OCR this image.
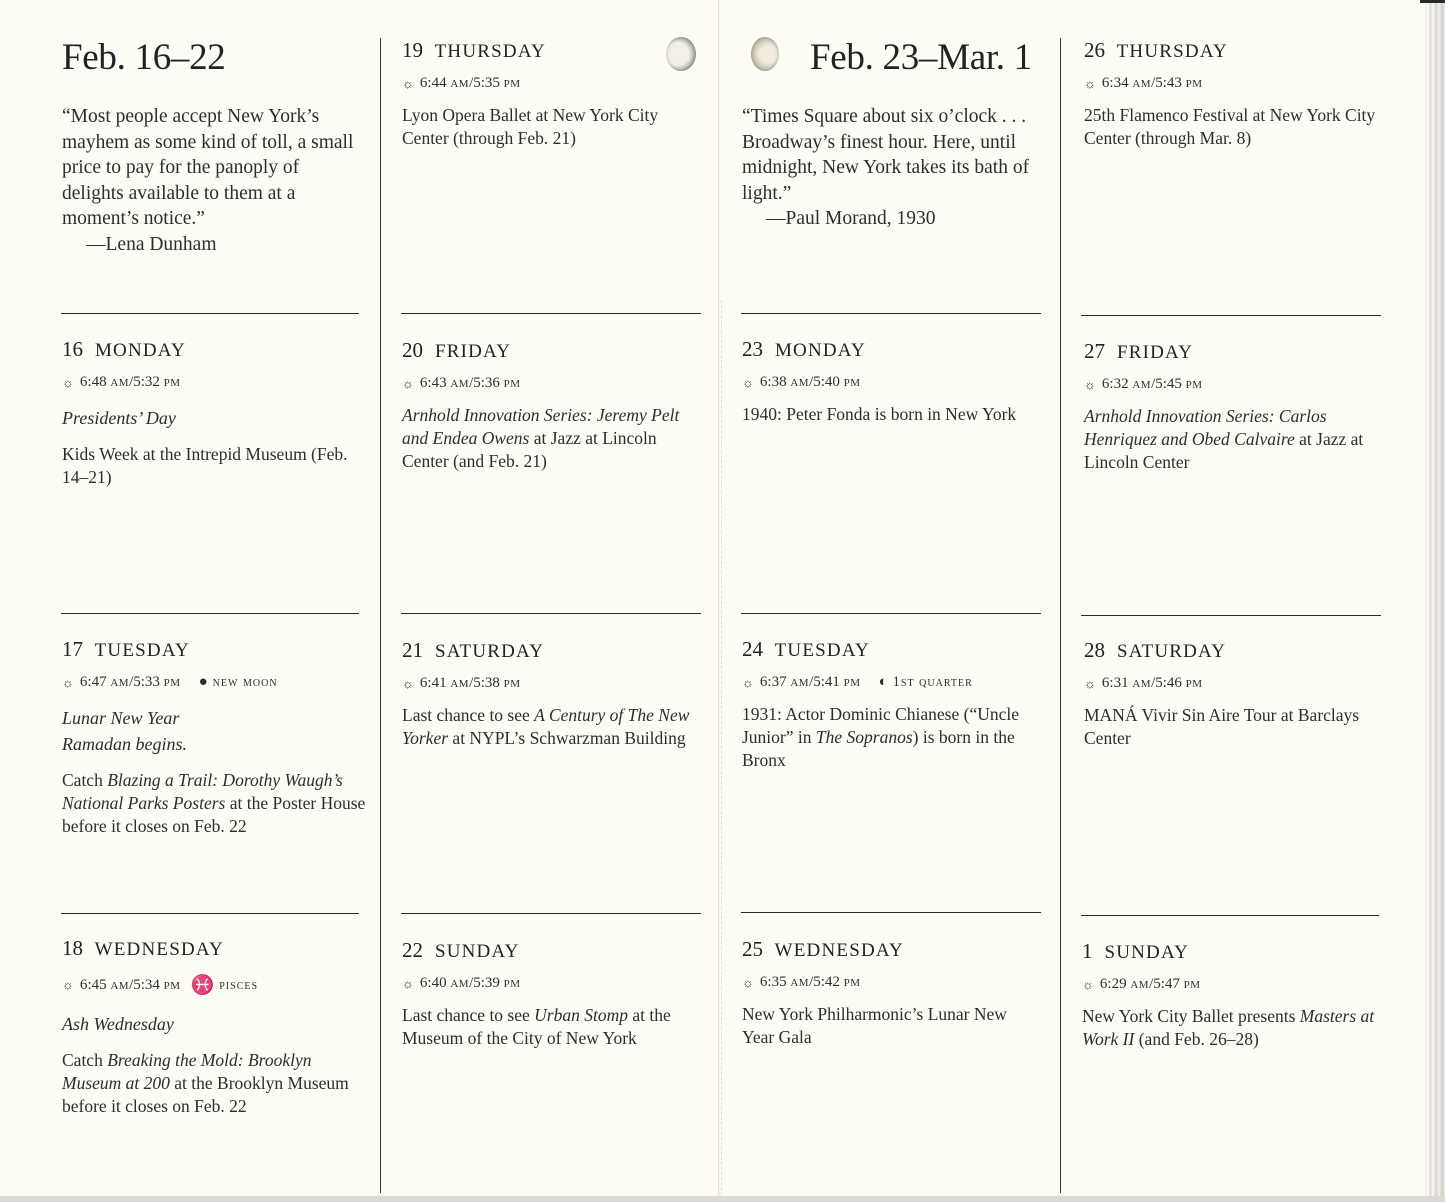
Feb. 16–22

“Most people accept New York’s mayhem as some kind of toll, a small price to pay for the panoply of delights available to them at a moment’s notice.”
—Lena Dunham

Feb. 23–Mar. 1

“Times Square about six o’clock . . . Broadway’s finest hour. Here, until midnight, New York takes its bath of light.”
—Paul Morand, 1930

19 THURSDAY
☼ 6:44
am / 5:35
pm

Lyon Opera Ballet at New York City Center (through Feb. 21)

26 THURSDAY
☼ 6:34
am / 5:43
pm

25th Flamenco Festival at New York City Center (through Mar. 8)

16 MONDAY
☼ 6:48
am / 5:32
pm

Presidents’ Day

Kids Week at the Intrepid Museum (Feb. 14–21)

20 FRIDAY
☼ 6:43
am / 5:36
pm

Arnhold Innovation Series: Jeremy Pelt and Endea Owens at Jazz at Lincoln Center (and Feb. 21)

23 MONDAY
☼ 6:38
am / 5:40
pm

1940: Peter Fonda is born in New York

27 FRIDAY
☼ 6:32
am / 5:45
pm

Arnhold Innovation Series: Carlos Henriquez and Obed Calvaire at Jazz at Lincoln Center

17 TUESDAY
☼ 6:47
am / 5:33
pm ● new moon

Lunar New Year
Ramadan begins.

Catch Blazing a Trail: Dorothy Waugh’s National Parks Posters at the Poster House before it closes on Feb. 22

21 SATURDAY
☼ 6:41
am / 5:38
pm

Last chance to see A Century of The New Yorker at NYPL’s Schwarzman Building

24 TUESDAY
☼ 6:37
am / 5:41
pm ◐ 1st quarter

1931: Actor Dominic Chianese (“Uncle Junior” in The Sopranos) is born in the Bronx

28 SATURDAY
☼ 6:31
am / 5:46
pm

MANÁ Vivir Sin Aire Tour at Barclays Center

18 WEDNESDAY
☼ 6:45
am / 5:34
pm ♓ pisces

Ash Wednesday

Catch Breaking the Mold: Brooklyn Museum at 200 at the Brooklyn Museum before it closes on Feb. 22

22 SUNDAY
☼ 6:40
am / 5:39
pm

Last chance to see Urban Stomp at the Museum of the City of New York

25 WEDNESDAY
☼ 6:35
am / 5:42
pm

New York Philharmonic’s Lunar New Year Gala

1 SUNDAY
☼ 6:29
am / 5:47
pm

New York City Ballet presents Masters at Work II (and Feb. 26–28)
